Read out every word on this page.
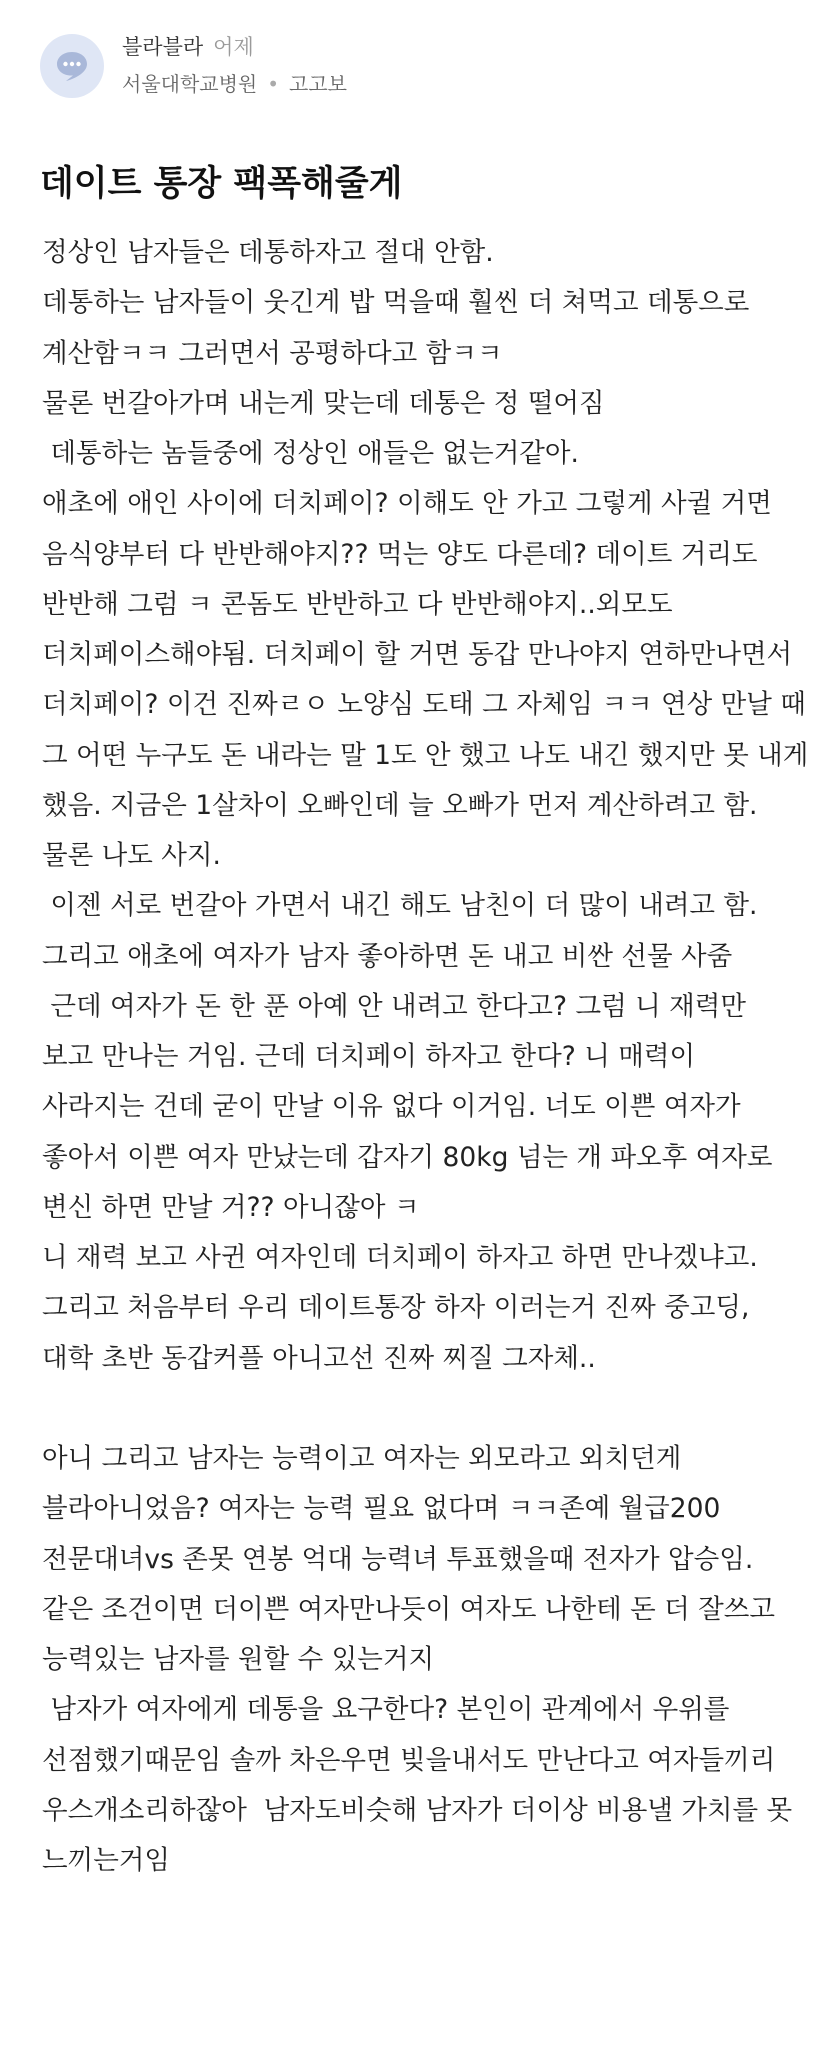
블라블라 어제
서울대학교병원 • 고고보
데이트 통장 팩폭해줄게
정상인 남자들은 데통하자고 절대 안함.
데통하는 남자들이 웃긴게 밥 먹을때 훨씬 더 쳐먹고 데통으로
계산함ㅋㅋ 그러면서 공평하다고 함ㅋㅋ
물론 번갈아가며 내는게 맞는데 데통은 정 떨어짐
데통하는 놈들중에 정상인 애들은 없는거같아.
애초에 애인 사이에 더치페이? 이해도 안 가고 그렇게 사귈 거면
음식양부터 다 반반해야지?? 먹는 양도 다른데? 데이트 거리도
반반해 그럼 ㅋ 콘돔도 반반하고 다 반반해야지..외모도
더치페이스해야됨. 더치페이 할 거면 동갑 만나야지 연하만나면서
더치페이? 이건 진짜ㄹㅇ 노양심 도태 그 자체임 ㅋㅋ 연상 만날 때
그 어떤 누구도 돈 내라는 말 1도 안 했고 나도 내긴 했지만 못 내게
했음. 지금은 1살차이 오빠인데 늘 오빠가 먼저 계산하려고 함.
물론 나도 사지.
이젠 서로 번갈아 가면서 내긴 해도 남친이 더 많이 내려고 함.
그리고 애초에 여자가 남자 좋아하면 돈 내고 비싼 선물 사줌
근데 여자가 돈 한 푼 아예 안 내려고 한다고? 그럼 니 재력만
보고 만나는 거임. 근데 더치페이 하자고 한다? 니 매력이
사라지는 건데 굳이 만날 이유 없다 이거임. 너도 이쁜 여자가
좋아서 이쁜 여자 만났는데 갑자기 80kg 넘는 개 파오후 여자로
변신 하면 만날 거?? 아니잖아 ㅋ
니 재력 보고 사귄 여자인데 더치페이 하자고 하면 만나겠냐고.
그리고 처음부터 우리 데이트통장 하자 이러는거 진짜 중고딩,
대학 초반 동갑커플 아니고선 진짜 찌질 그자체..
아니 그리고 남자는 능력이고 여자는 외모라고 외치던게
블라아니었음? 여자는 능력 필요 없다며 ㅋㅋ존예 월급200
전문대녀vs 존못 연봉 억대 능력녀 투표했을때 전자가 압승임.
같은 조건이면 더이쁜 여자만나듯이 여자도 나한테 돈 더 잘쓰고
능력있는 남자를 원할 수 있는거지
남자가 여자에게 데통을 요구한다? 본인이 관계에서 우위를
선점했기때문임 솔까 차은우면 빚을내서도 만난다고 여자들끼리
우스개소리하잖아  남자도비슷해 남자가 더이상 비용낼 가치를 못
느끼는거임
